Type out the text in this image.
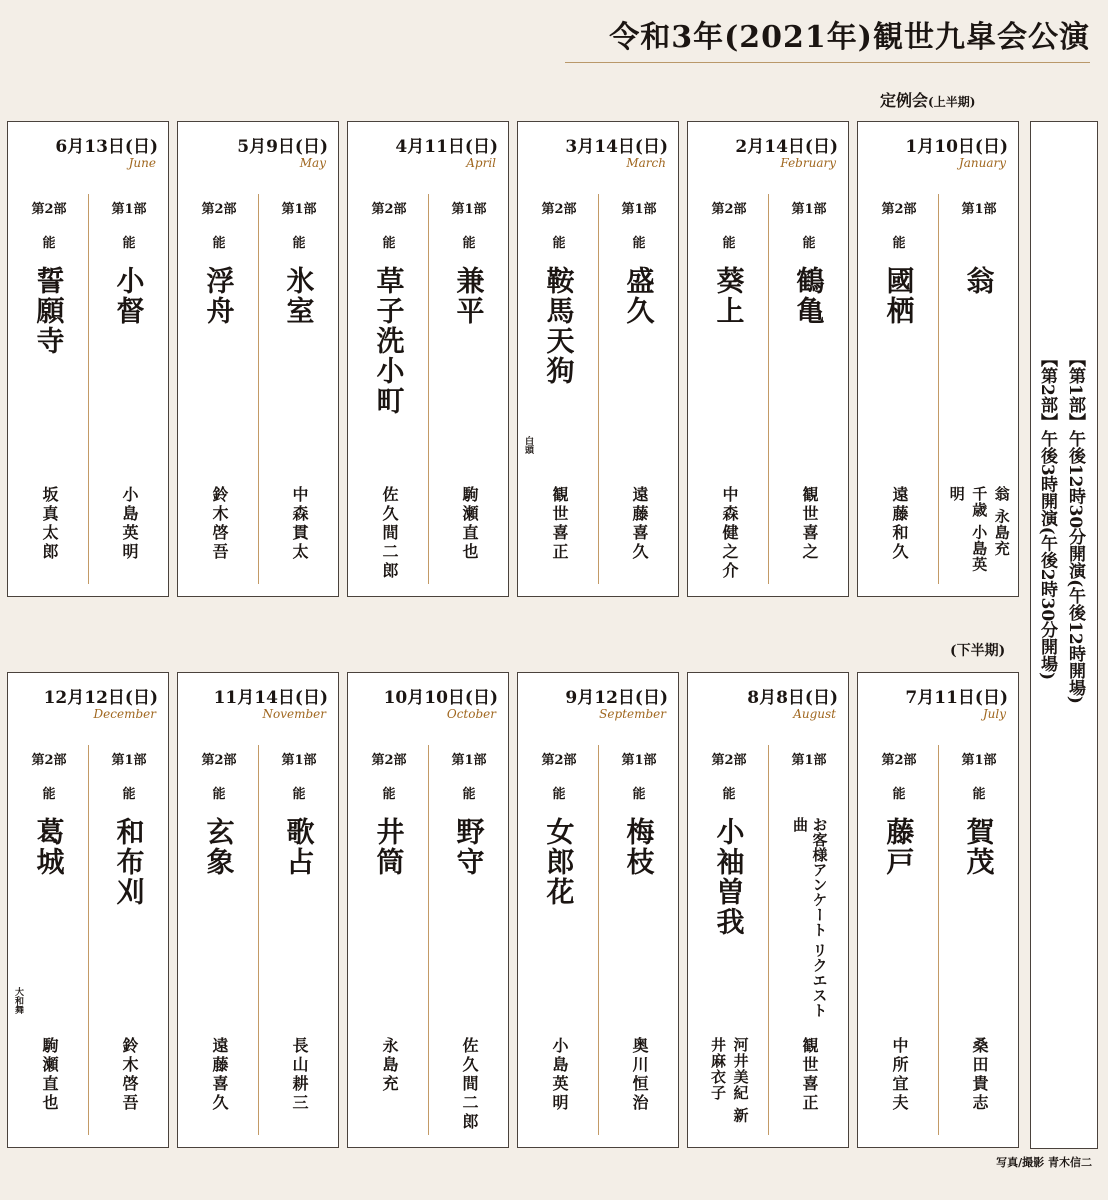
令和3年(2021年)観世九皐会公演
定例会(上半期)
(下半期)
6月13日(日)
June
第2部
能
誓願寺
坂真太郎
第1部
能
小督
小島英明
5月9日(日)
May
第2部
能
浮舟
鈴木啓吾
第1部
能
氷室
中森貫太
4月11日(日)
April
第2部
能
草子洗小町
佐久間二郎
第1部
能
兼平
駒瀬直也
3月14日(日)
March
第2部
能
鞍馬天狗
白頭
観世喜正
第1部
能
盛久
遠藤喜久
2月14日(日)
February
第2部
能
葵上
中森健之介
第1部
能
鶴亀
観世喜之
1月10日(日)
January
第2部
能
國栖
遠藤和久
第1部
翁
翁 永島充　千歳 小島英明
12月12日(日)
December
第2部
能
葛城
大和舞
駒瀬直也
第1部
能
和布刈
鈴木啓吾
11月14日(日)
November
第2部
能
玄象
遠藤喜久
第1部
能
歌占
長山耕三
10月10日(日)
October
第2部
能
井筒
永島充
第1部
能
野守
佐久間二郎
9月12日(日)
September
第2部
能
女郎花
小島英明
第1部
能
梅枝
奥川恒治
8月8日(日)
August
第2部
能
小袖曽我
河井美紀 新井麻衣子
第1部
お客様アンケート リクエスト曲
観世喜正
7月11日(日)
July
第2部
能
藤戸
中所宜夫
第1部
能
賀茂
桑田貴志
【第1部】午後12時30分開演(午後12時開場)
【第2部】午後3時開演(午後2時30分開場)
写真/撮影 青木信二
